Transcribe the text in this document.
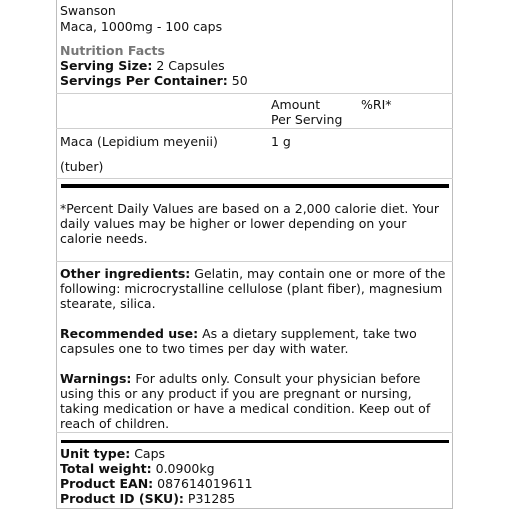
Swanson
Maca, 1000mg - 100 caps
Nutrition Facts
Serving Size: 2 Capsules
Servings Per Container: 50
Amount
Per Serving
%RI*
Maca (Lepidium meyenii)	1 g
(tuber)
*Percent Daily Values are based on a 2,000 calorie diet. Your daily values may be higher or lower depending on your calorie needs.

Other ingredients: Gelatin, may contain one or more of the following: microcrystalline cellulose (plant fiber), magnesium stearate, silica.

Recommended use: As a dietary supplement, take two capsules one to two times per day with water.

Warnings: For adults only. Consult your physician before using this or any product if you are pregnant or nursing, taking medication or have a medical condition. Keep out of reach of children.

Unit type: Caps
Total weight: 0.0900kg
Product EAN: 087614019611
Product ID (SKU): P31285
